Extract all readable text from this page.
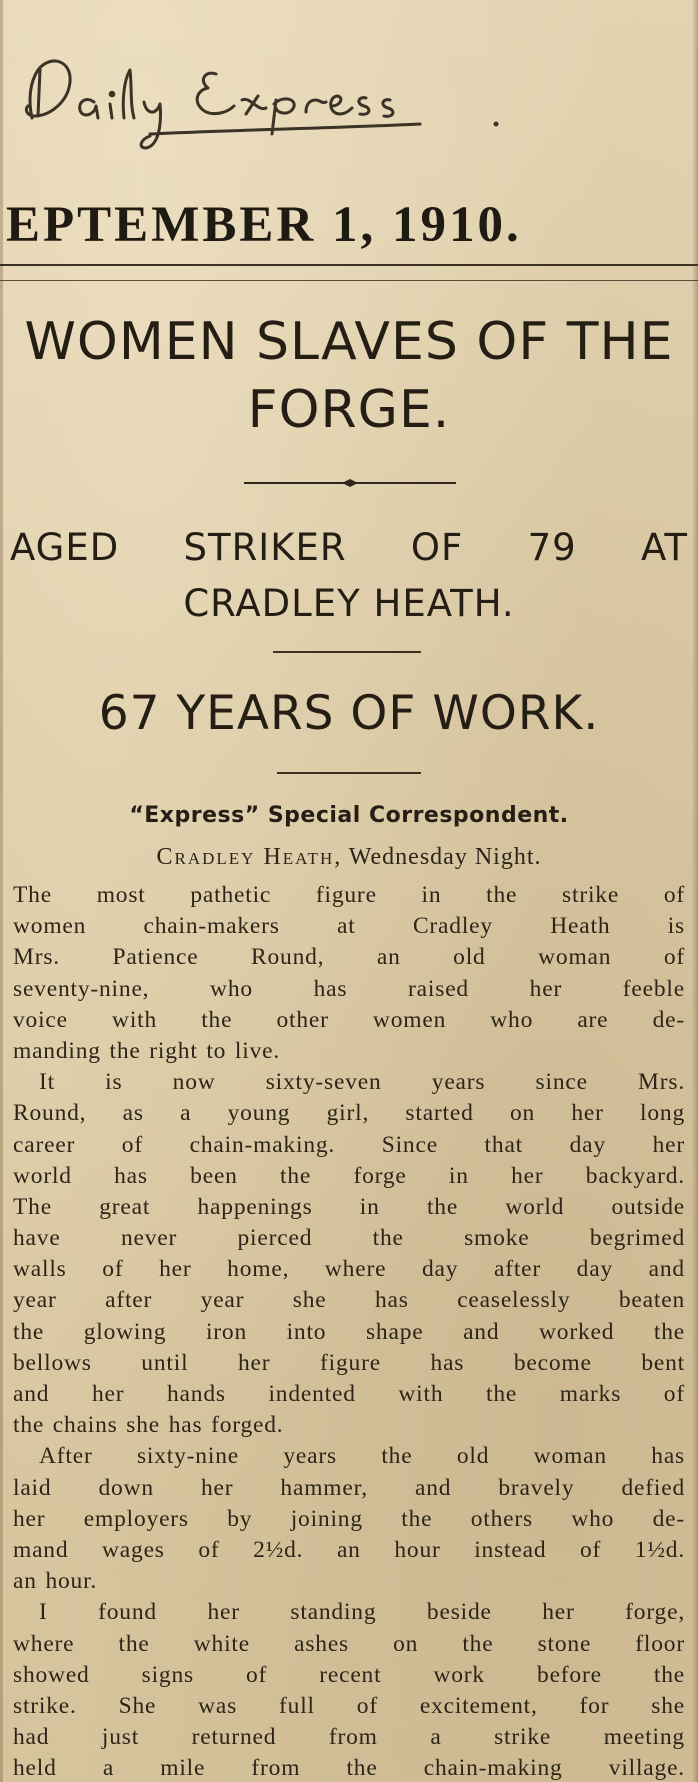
EPTEMBER 1, 1910.
WOMEN SLAVES OF THE FORGE.
AGED STRIKER OF 79 AT
CRADLEY HEATH.
67 YEARS OF WORK.
“Express” Special Correspondent.
Cradley Heath, Wednesday Night.
The most pathetic figure in the strike of
women chain-makers at Cradley Heath is
Mrs. Patience Round, an old woman of
seventy-nine, who has raised her feeble
voice with the other women who are de-
manding the right to live.
It is now sixty-seven years since Mrs.
Round, as a young girl, started on her long
career of chain-making. Since that day her
world has been the forge in her backyard.
The great happenings in the world outside
have never pierced the smoke begrimed
walls of her home, where day after day and
year after year she has ceaselessly beaten
the glowing iron into shape and worked the
bellows until her figure has become bent
and her hands indented with the marks of
the chains she has forged.
After sixty-nine years the old woman has
laid down her hammer, and bravely defied
her employers by joining the others who de-
mand wages of 2½d. an hour instead of 1½d.
an hour.
I found her standing beside her forge,
where the white ashes on the stone floor
showed signs of recent work before the
strike. She was full of excitement, for she
had just returned from a strike meeting
held a mile from the chain-making village.
